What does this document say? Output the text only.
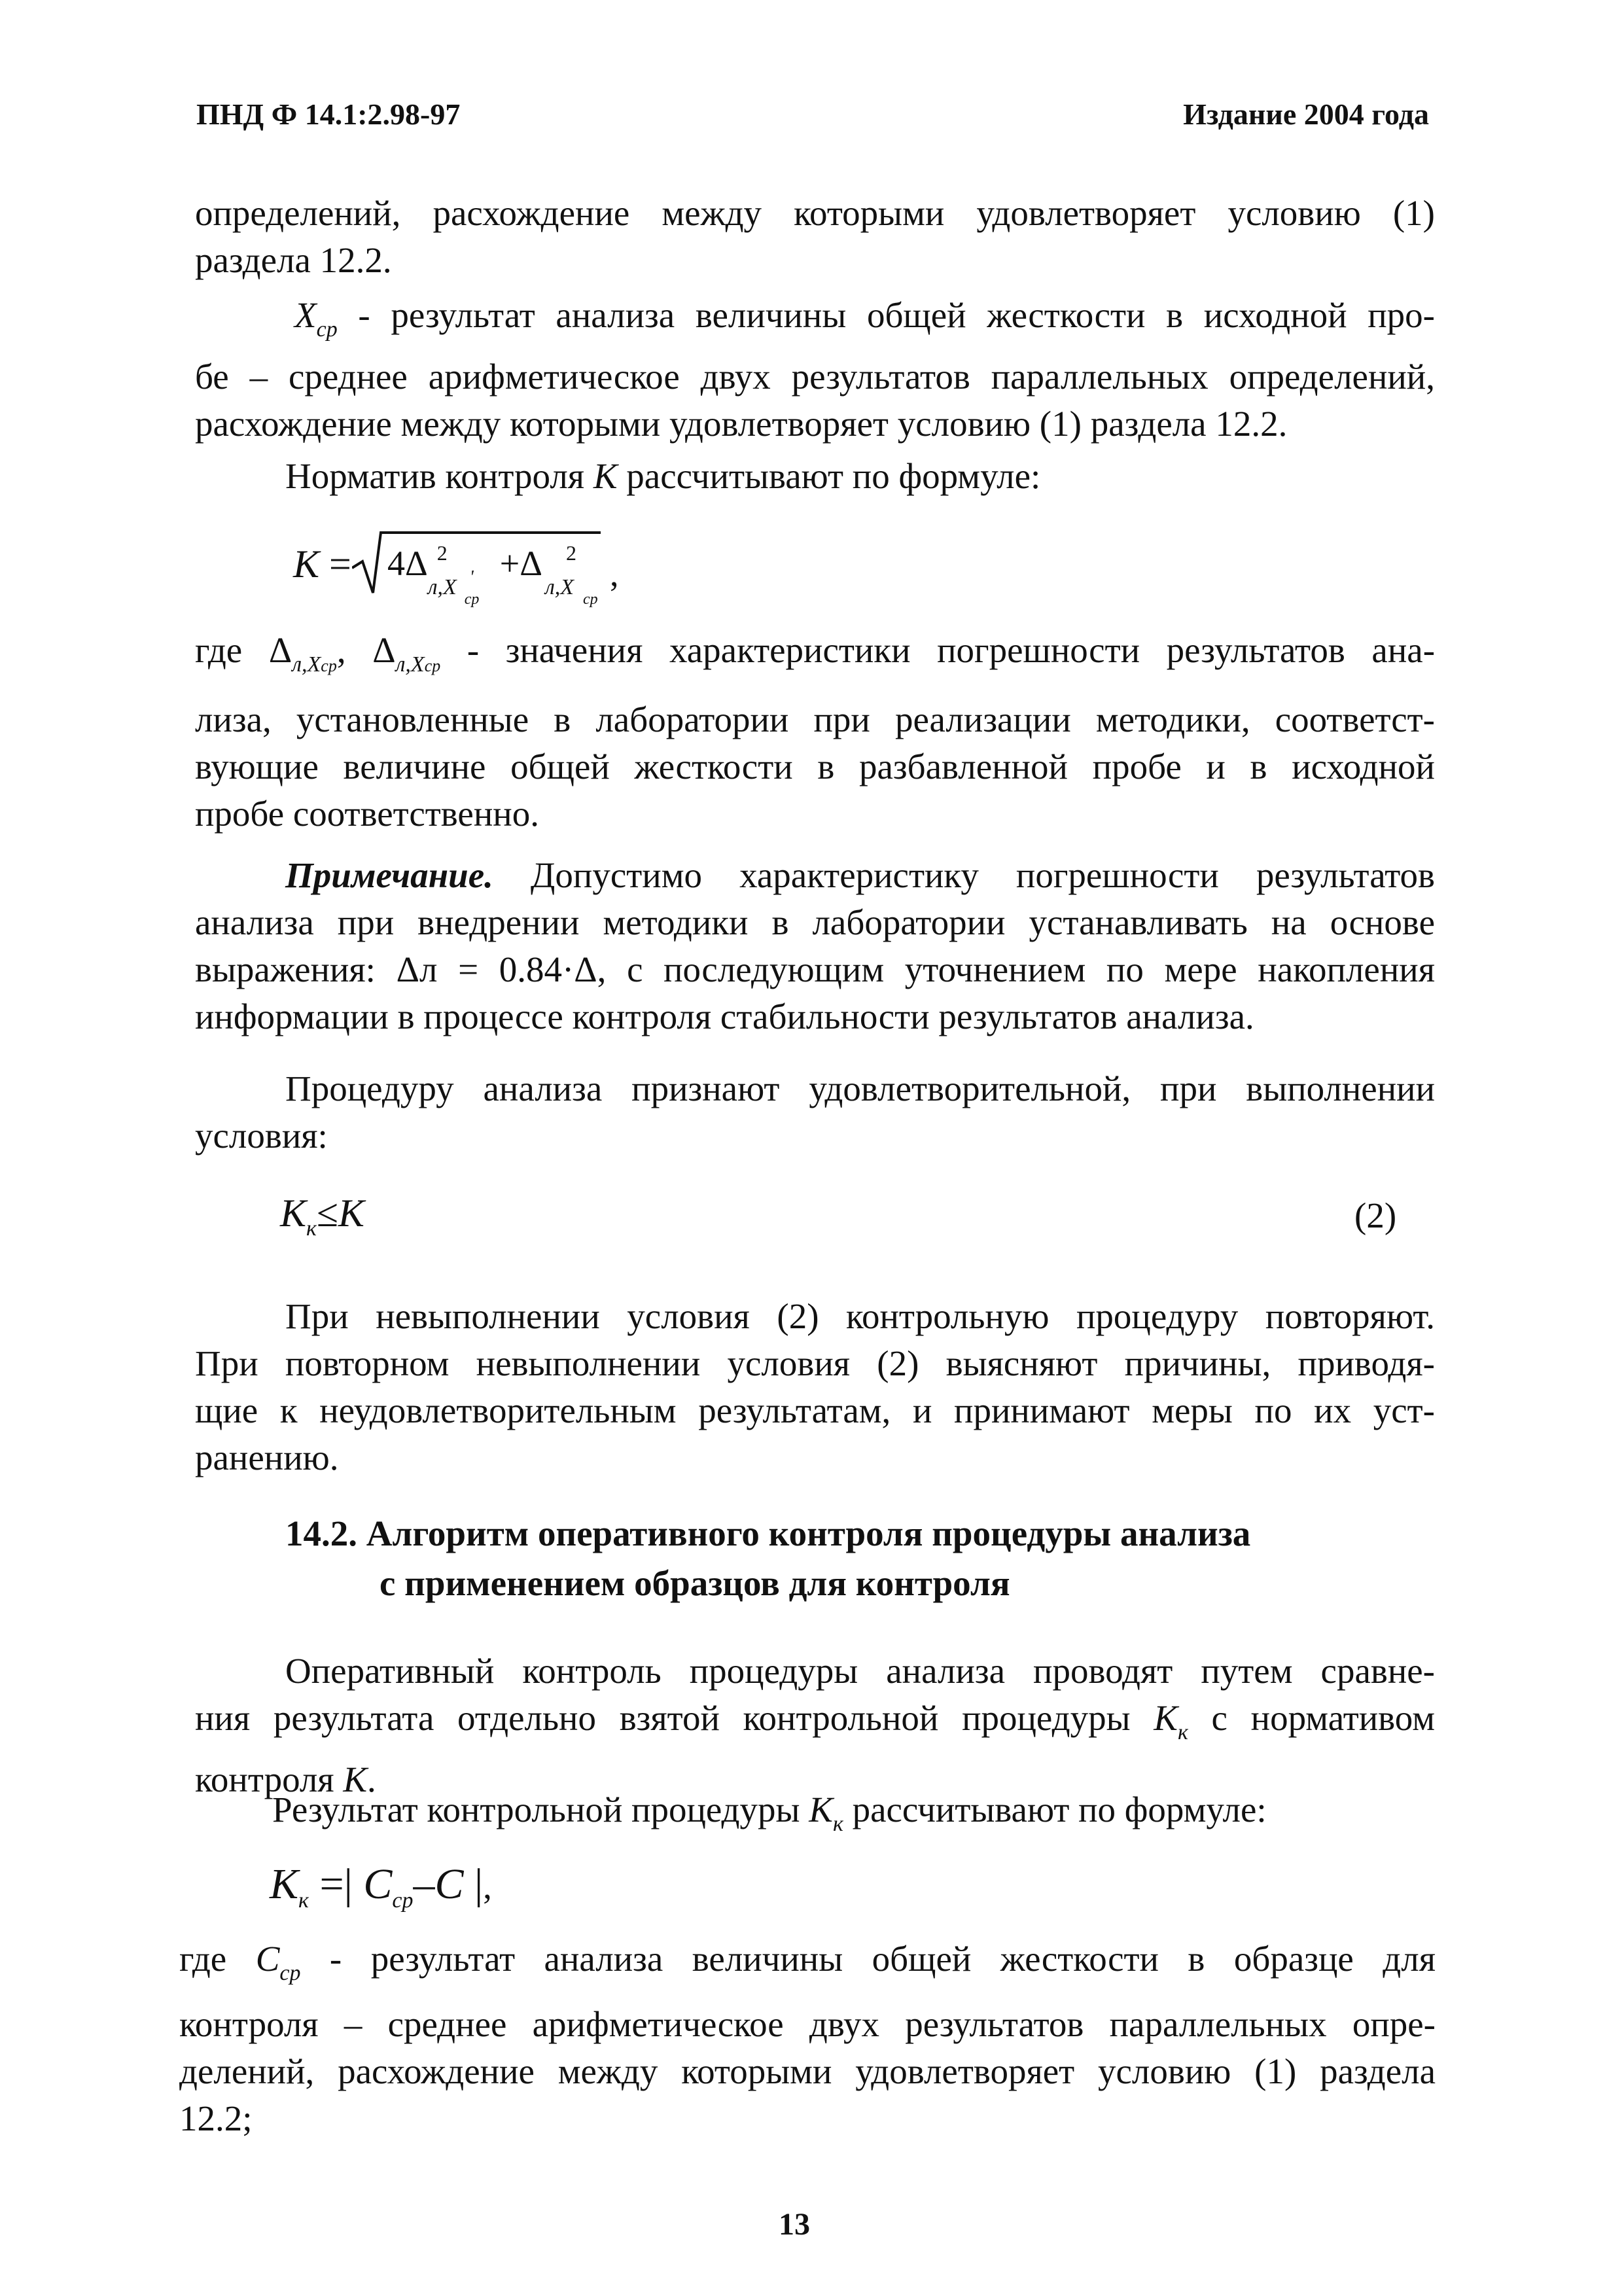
ПНД Ф 14.1:2.98-97	Издание 2004 года
определений, расхождение между которыми удовлетворяет условию (1)
раздела 12.2.
$X_{ср}$ - результат анализа величины общей жесткости в исходной про-
бе – среднее арифметическое двух результатов параллельных определений,
расхождение между которыми удовлетворяет условию (1) раздела 12.2.
Норматив контроля K рассчитывают по формуле:
K = 4Δ 2
л,X '
ср
+Δ 2
л,X ср
,
где $\Delta_{л,Xср}$, $\Delta_{л,Xср}$ - значения характеристики погрешности результатов ана-
лиза, установленные в лаборатории при реализации методики, соответст-
вующие величине общей жесткости в разбавленной пробе и в исходной
пробе соответственно.
Примечание. Допустимо характеристику погрешности результатов
анализа при внедрении методики в лаборатории устанавливать на основе
выражения: Δл = 0.84·Δ, с последующим уточнением по мере накопления
информации в процессе контроля стабильности результатов анализа.
Процедуру анализа признают удовлетворительной, при выполнении
условия:
$K_к\le K$	(2)
При невыполнении условия (2) контрольную процедуру повторяют.
При повторном невыполнении условия (2) выясняют причины, приводя-
щие к неудовлетворительным результатам, и принимают меры по их уст-
ранению.
14.2. Алгоритм оперативного контроля процедуры анализа
с применением образцов для контроля
Оперативный контроль процедуры анализа проводят путем сравне-
ния результата отдельно взятой контрольной процедуры $K_к$ с нормативом
контроля K.
Результат контрольной процедуры $K_к$ рассчитывают по формуле:
$K_к$ =| $C_{ср}-C$ |,
где $C_{ср}$ - результат анализа величины общей жесткости в образце для
контроля – среднее арифметическое двух результатов параллельных опре-
делений, расхождение между которыми удовлетворяет условию (1) раздела
12.2;
13
